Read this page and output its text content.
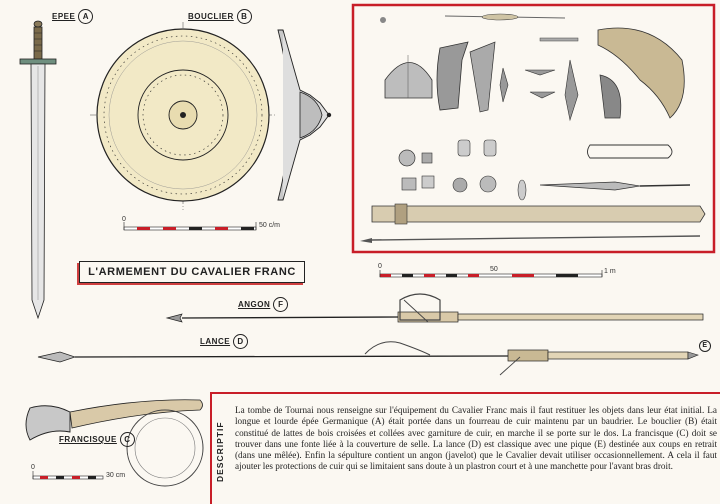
EPEE A	BOUCLIER B
ANGON F
LANCE D
FRANCISQUE C
E
0
50 c/m
0	50	1 m
0
30 cm
L'ARMEMENT DU CAVALIER FRANC
DESCRIPTIF
La tombe de Tournai nous renseigne sur l'équipement du Cavalier Franc mais il faut restituer les objets dans leur état initial. La longue et lourde épée Germanique (A) était portée dans un fourreau de cuir maintenu par un baudrier. Le bouclier (B) était constitué de lattes de bois croisées et collées avec garniture de cuir, en marche il se porte sur le dos. La francisque (C) doit se trouver dans une fonte liée à la couverture de selle. La lance (D) est classique avec une pique (E) destinée aux coups en retrait (dans une mêlée). Enfin la sépulture contient un angon (javelot) que le Cavalier devait utiliser occasionnellement. A cela il faut ajouter les protections de cuir qui se limitaient sans doute à un plastron court et à une manchette pour l'avant bras droit.
